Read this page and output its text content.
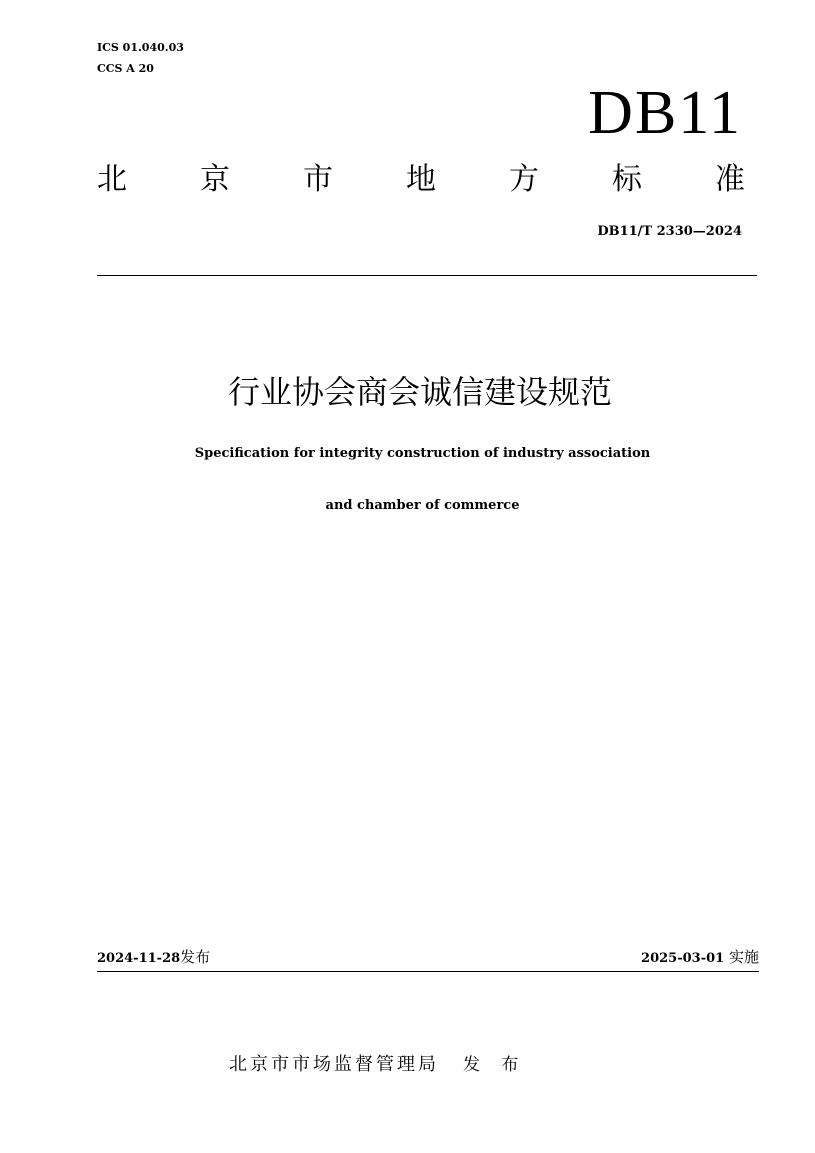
ICS 01.040.03
CCS A 20
DB11
北 京 市 地 方 标 准
DB11/T 2330—2024
行业协会商会诚信建设规范
Specification for integrity construction of industry association
and chamber of commerce
2024-11-28发布	2025-03-01 实施
北京市市场监督管理局 发 布
